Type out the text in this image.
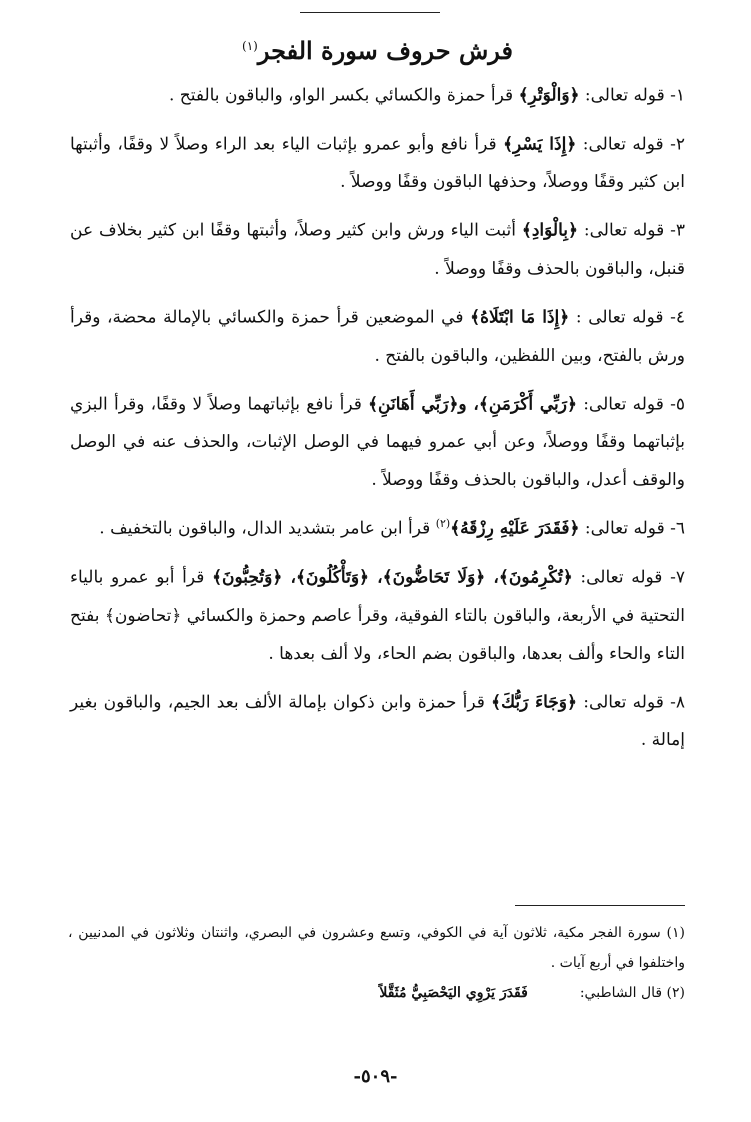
فرش حروف سورة الفجر$^{(١)}$

١- قوله تعالى: ﴿وَالْوَتْرِ﴾ قرأ حمزة والكسائي بكسر الواو، والباقون بالفتح .

٢- قوله تعالى: ﴿إِذَا يَسْرِ﴾ قرأ نافع وأبو عمرو بإثبات الياء بعد الراء وصلاً لا وقفًا، وأثبتها ابن كثير وقفًا ووصلاً، وحذفها الباقون وقفًا ووصلاً .

٣- قوله تعالى: ﴿بِالْوَادِ﴾ أثبت الياء ورش وابن كثير وصلاً، وأثبتها وقفًا ابن كثير بخلاف عن قنبل، والباقون بالحذف وقفًا ووصلاً .

٤- قوله تعالى : ﴿إِذَا مَا ابْتَلَاهُ﴾ في الموضعين قرأ حمزة والكسائي بالإمالة محضة، وقرأ ورش بالفتح، وبين اللفظين، والباقون بالفتح .

٥- قوله تعالى: ﴿رَبِّي أَكْرَمَنِ﴾، و﴿رَبِّي أَهَانَنِ﴾ قرأ نافع بإثباتهما وصلاً لا وقفًا، وقرأ البزي بإثباتهما وقفًا ووصلاً، وعن أبي عمرو فيهما في الوصل الإثبات، والحذف عنه في الوصل والوقف أعدل، والباقون بالحذف وقفًا ووصلاً .

٦- قوله تعالى: ﴿فَقَدَرَ عَلَيْهِ رِزْقَهُ﴾$^{(٢)}$ قرأ ابن عامر بتشديد الدال، والباقون بالتخفيف .

٧- قوله تعالى: ﴿تُكْرِمُونَ﴾، ﴿وَلَا تَحَاضُّونَ﴾، ﴿وَتَأْكُلُونَ﴾، ﴿وَتُحِبُّونَ﴾ قرأ أبو عمرو بالياء التحتية في الأربعة، والباقون بالتاء الفوقية، وقرأ عاصم وحمزة والكسائي ﴿تحاضون﴾ بفتح التاء والحاء وألف بعدها، والباقون بضم الحاء، ولا ألف بعدها .

٨- قوله تعالى: ﴿وَجَاءَ رَبُّكَ﴾ قرأ حمزة وابن ذكوان بإمالة الألف بعد الجيم، والباقون بغير إمالة .

(١) سورة الفجر مكية، ثلاثون آية في الكوفي، وتسع وعشرون في البصري، واثنتان وثلاثون في المدنيين ، واختلفوا في أربع آيات .

(٢) قال الشاطبي:
فَقَدَرَ يَرْوِي اليَحْصَبِيُّ مُثَقَّلاً
-٥٠٩-
